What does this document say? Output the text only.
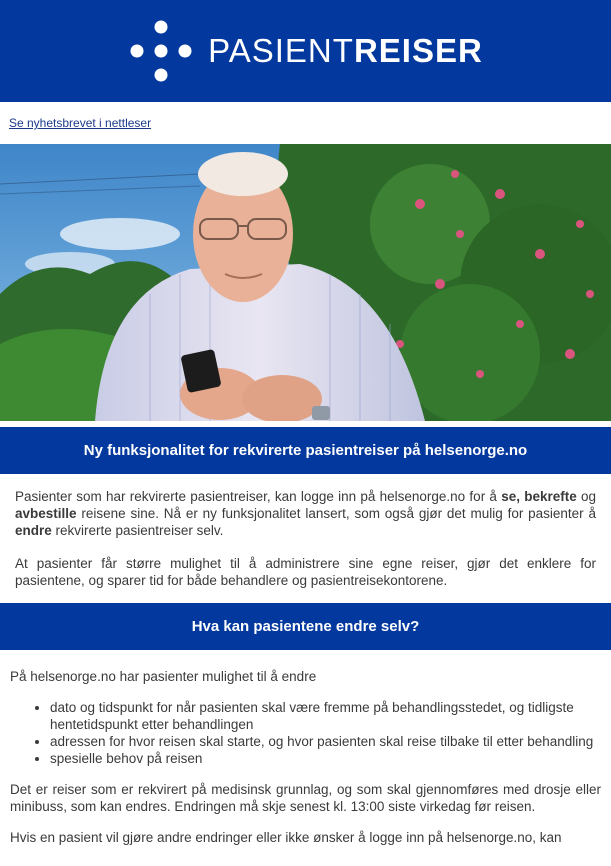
PASIENTREISER
Se nyhetsbrevet i nettleser
Ny funksjonalitet for rekvirerte pasientreiser på helsenorge.no

Pasienter som har rekvirerte pasientreiser, kan logge inn på helsenorge.no for å se, bekrefte og avbestille reisene sine. Nå er ny funksjonalitet lansert, som også gjør det mulig for pasienter å endre rekvirerte pasientreiser selv.

At pasienter får større mulighet til å administrere sine egne reiser, gjør det enklere for pasientene, og sparer tid for både behandlere og pasientreisekontorene.

Hva kan pasientene endre selv?

På helsenorge.no har pasienter mulighet til å endre

• dato og tidspunkt for når pasienten skal være fremme på behandlingsstedet, og tidligste hentetidspunkt etter behandlingen
• adressen for hvor reisen skal starte, og hvor pasienten skal reise tilbake til etter behandling
• spesielle behov på reisen

Det er reiser som er rekvirert på medisinsk grunnlag, og som skal gjennomføres med drosje eller minibuss, som kan endres. Endringen må skje senest kl. 13:00 siste virkedag før reisen.

Hvis en pasient vil gjøre andre endringer eller ikke ønsker å logge inn på helsenorge.no, kan
